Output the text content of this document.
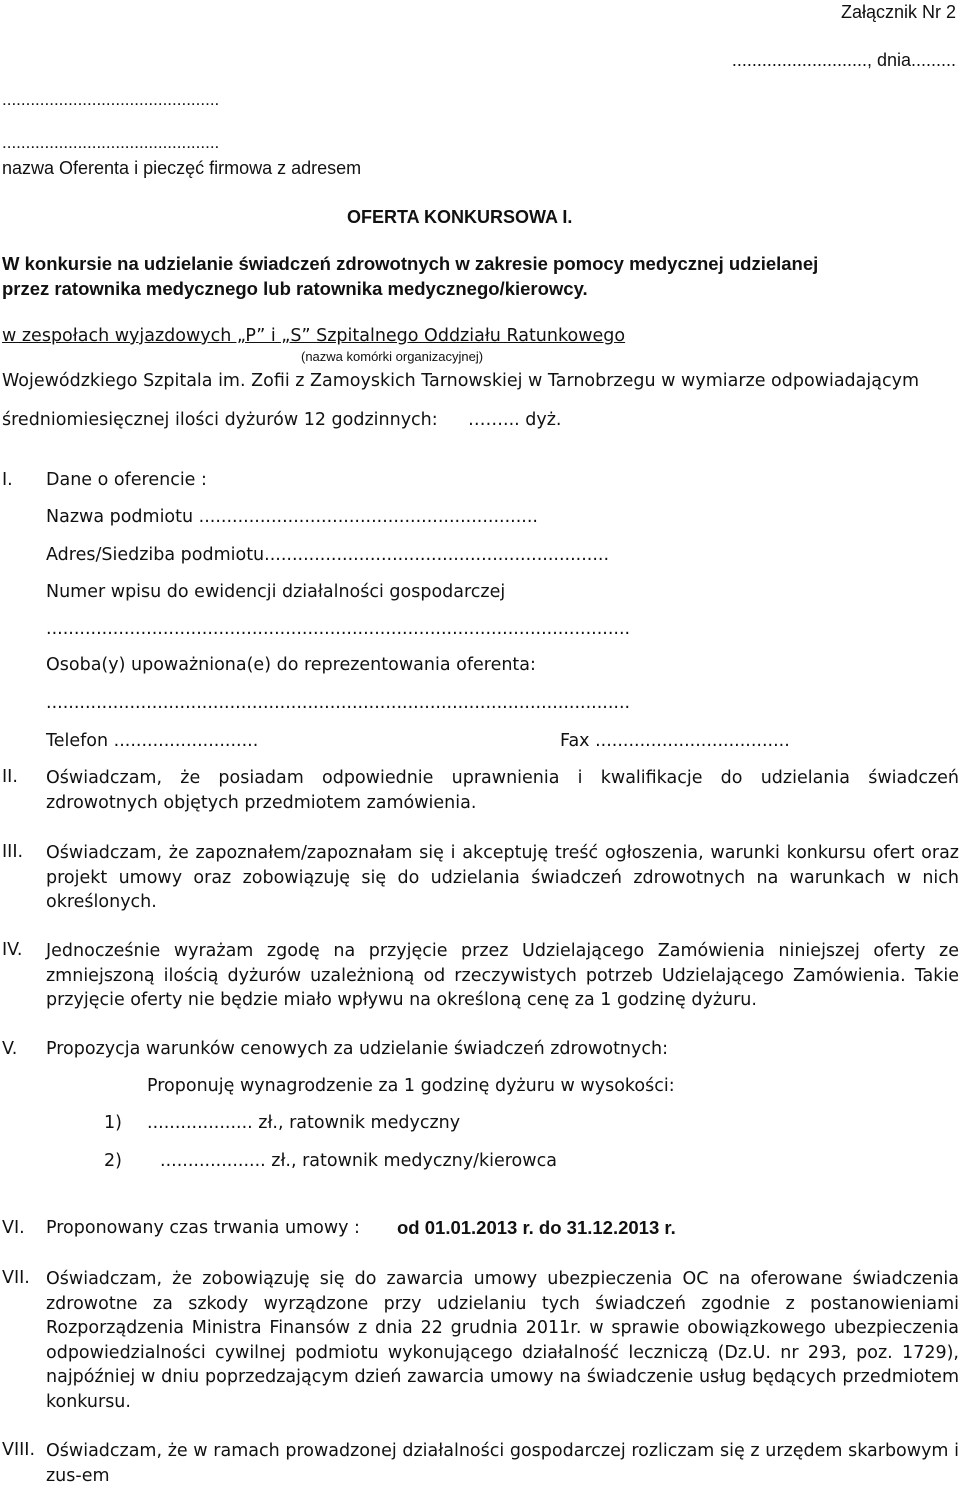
Załącznik Nr 2
..........................., dnia.........
..............................................
..............................................
nazwa Oferenta i pieczęć firmowa z adresem
OFERTA KONKURSOWA I.
W konkursie na udzielanie świadczeń zdrowotnych w zakresie pomocy medycznej udzielanej
przez ratownika medycznego lub ratownika medycznego/kierowcy.
w zespołach wyjazdowych „P” i „S” Szpitalnego Oddziału Ratunkowego
(nazwa komórki organizacyjnej)
Wojewódzkiego Szpitala im. Zofii z Zamoyskich Tarnowskiej w Tarnobrzegu w wymiarze odpowiadającym
średniomiesięcznej ilości dyżurów 12 godzinnych: ……... dyż.
I. Dane o oferencie :
Nazwa podmiotu .............................................................
Adres/Siedziba podmiotu..............................................................
Numer wpisu do ewidencji działalności gospodarczej
.........................................................................................................
Osoba(y) upoważniona(e) do reprezentowania oferenta:
.........................................................................................................
Telefon ..........................	Fax ...................................
II. Oświadczam, że posiadam odpowiednie uprawnienia i kwalifikacje do udzielania świadczeń zdrowotnych objętych przedmiotem zamówienia.
III. Oświadczam, że zapoznałem/zapoznałam się i akceptuję treść ogłoszenia, warunki konkursu ofert oraz projekt umowy oraz zobowiązuję się do udzielania świadczeń zdrowotnych na warunkach w nich określonych.
IV. Jednocześnie wyrażam zgodę na przyjęcie przez Udzielającego Zamówienia niniejszej oferty ze zmniejszoną ilością dyżurów uzależnioną od rzeczywistych potrzeb Udzielającego Zamówienia. Takie przyjęcie oferty nie będzie miało wpływu na określoną cenę za 1 godzinę dyżuru.
V. Propozycja warunków cenowych za udzielanie świadczeń zdrowotnych:
Proponuję wynagrodzenie za 1 godzinę dyżuru w wysokości:
1) ................... zł., ratownik medyczny
2) ................... zł., ratownik medyczny/kierowca
VI. Proponowany czas trwania umowy : od 01.01.2013 r. do 31.12.2013 r.
VII. Oświadczam, że zobowiązuję się do zawarcia umowy ubezpieczenia OC na oferowane świadczenia zdrowotne za szkody wyrządzone przy udzielaniu tych świadczeń zgodnie z postanowieniami Rozporządzenia Ministra Finansów z dnia 22 grudnia 2011r. w sprawie obowiązkowego ubezpieczenia odpowiedzialności cywilnej podmiotu wykonującego działalność leczniczą (Dz.U. nr 293, poz. 1729), najpóźniej w dniu poprzedzającym dzień zawarcia umowy na świadczenie usług będących przedmiotem konkursu.
VIII. Oświadczam, że w ramach prowadzonej działalności gospodarczej rozliczam się z urzędem skarbowym i zus-em
